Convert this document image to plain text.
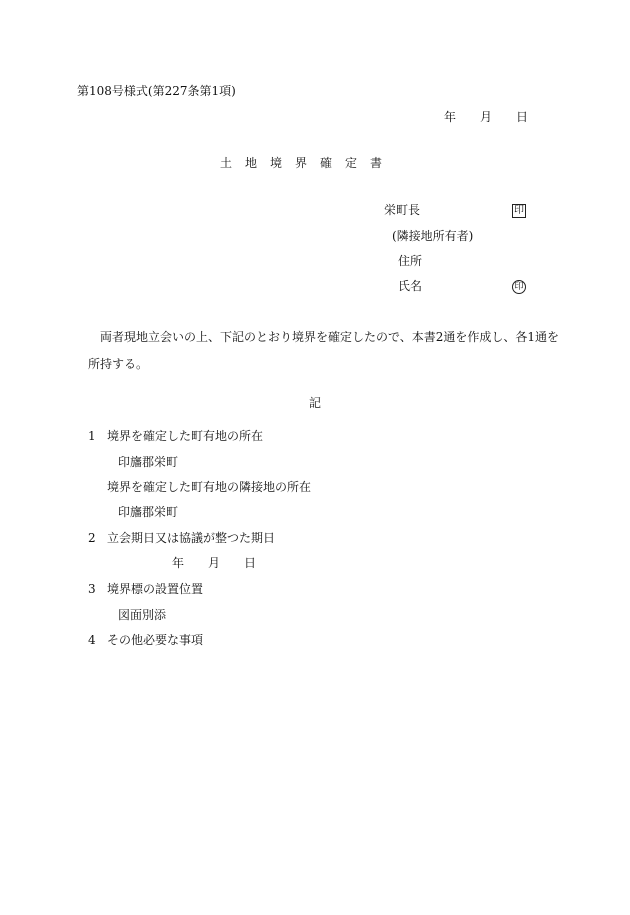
第108号様式(第227条第1項)
年 月 日
土地境界確定書
栄町長	印
(隣接地所有者)
住所
氏名	印
両者現地立会いの上、下記のとおり境界を確定したので、本書2通を作成し、各1通を
所持する。
記
1 境界を確定した町有地の所在
印旛郡栄町
境界を確定した町有地の隣接地の所在
印旛郡栄町
2 立会期日又は協議が整つた期日
年 月 日
3 境界標の設置位置
図面別添
4 その他必要な事項
